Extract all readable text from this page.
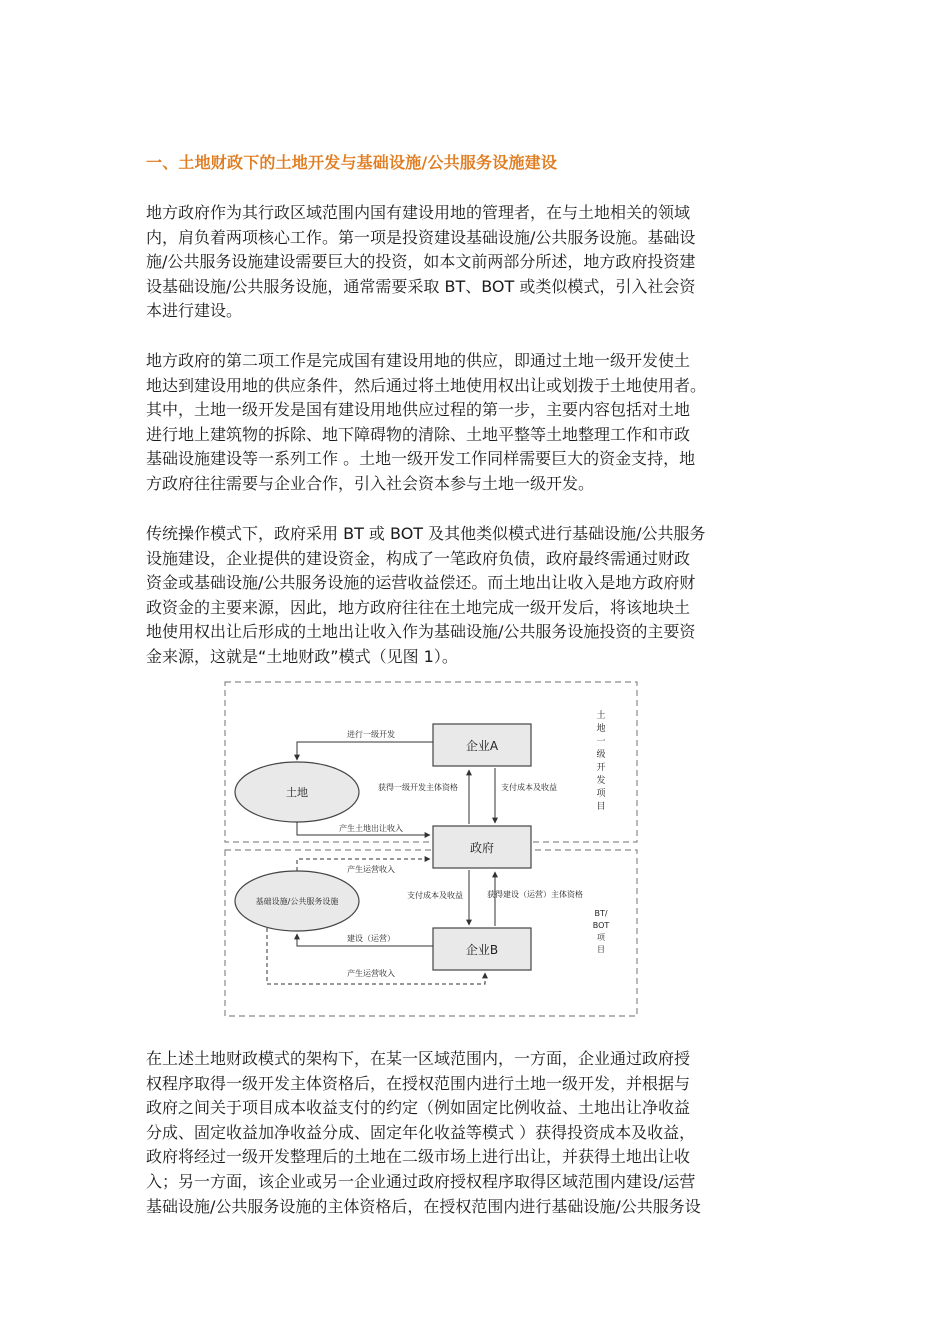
一、土地财政下的土地开发与基础设施/公共服务设施建设

地方政府作为其行政区域范围内国有建设用地的管理者，在与土地相关的领域
内，肩负着两项核心工作。第一项是投资建设基础设施/公共服务设施。基础设
施/公共服务设施建设需要巨大的投资，如本文前两部分所述，地方政府投资建
设基础设施/公共服务设施，通常需要采取 BT、BOT 或类似模式，引入社会资
本进行建设。

地方政府的第二项工作是完成国有建设用地的供应，即通过土地一级开发使土
地达到建设用地的供应条件，然后通过将土地使用权出让或划拨于土地使用者。
其中，土地一级开发是国有建设用地供应过程的第一步，主要内容包括对土地
进行地上建筑物的拆除、地下障碍物的清除、土地平整等土地整理工作和市政
基础设施建设等一系列工作 。土地一级开发工作同样需要巨大的资金支持，地
方政府往往需要与企业合作，引入社会资本参与土地一级开发。

传统操作模式下，政府采用 BT 或 BOT 及其他类似模式进行基础设施/公共服务
设施建设，企业提供的建设资金，构成了一笔政府负债，政府最终需通过财政
资金或基础设施/公共服务设施的运营收益偿还。而土地出让收入是地方政府财
政资金的主要来源，因此，地方政府往往在土地完成一级开发后，将该地块土
地使用权出让后形成的土地出让收入作为基础设施/公共服务设施投资的主要资
金来源，这就是“土地财政”模式（见图 1）。

企业A
政府
企业B
土地
基础设施/公共服务设施
进行一级开发
获得一级开发主体资格	支付成本及收益
产生土地出让收入
产生运营收入
支付成本及收益	获得建设（运营）主体资格
建设（运营）
产生运营收入
土
地
一
级
开
发
项
目
BT/
BOT
项
目

在上述土地财政模式的架构下，在某一区域范围内，一方面，企业通过政府授
权程序取得一级开发主体资格后，在授权范围内进行土地一级开发，并根据与
政府之间关于项目成本收益支付的约定（例如固定比例收益、土地出让净收益
分成、固定收益加净收益分成、固定年化收益等模式 ）获得投资成本及收益，
政府将经过一级开发整理后的土地在二级市场上进行出让，并获得土地出让收
入；另一方面，该企业或另一企业通过政府授权程序取得区域范围内建设/运营
基础设施/公共服务设施的主体资格后，在授权范围内进行基础设施/公共服务设
